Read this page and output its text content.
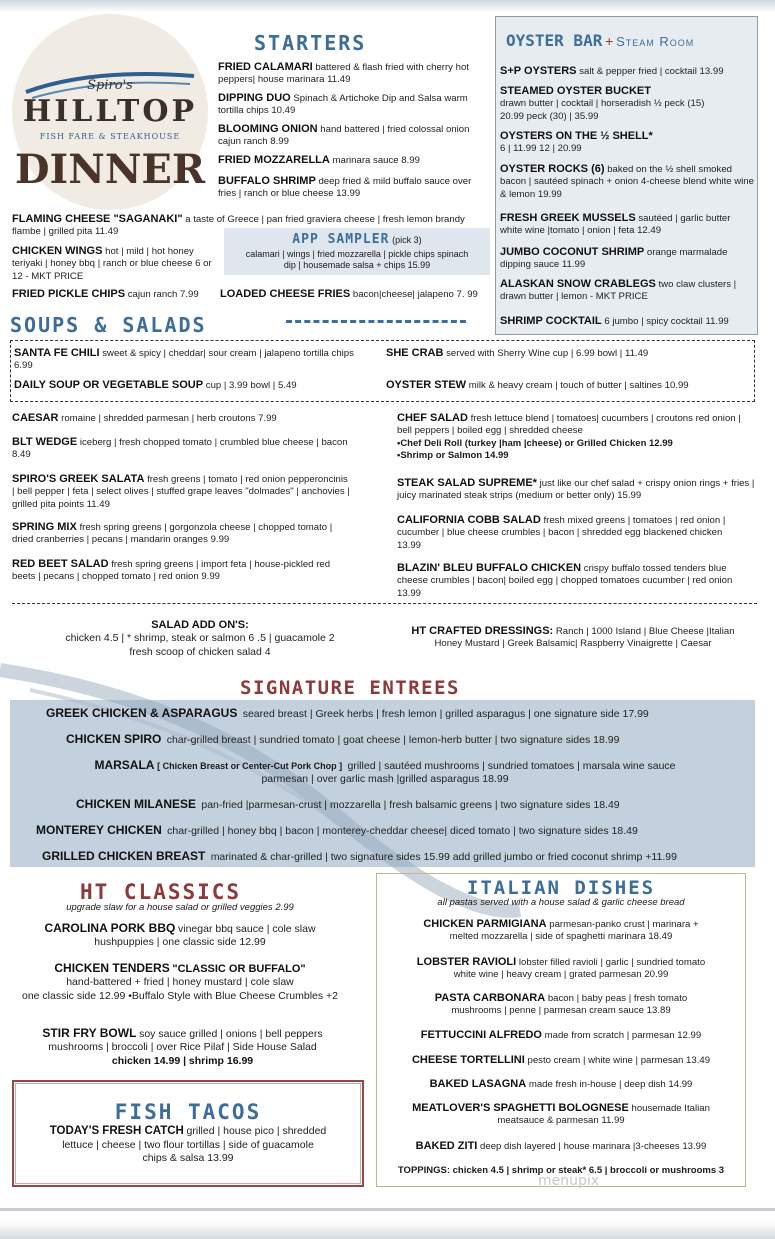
Spiro's
HILLTOP
FISH FARE & STEAKHOUSE
DINNER
STARTERS
FRIED CALAMARI battered & flash fried with cherry hot peppers| house marinara 11.49
DIPPING DUO Spinach & Artichoke Dip and Salsa warm tortilla chips 10.49
BLOOMING ONION hand battered | fried colossal onion cajun ranch 8.99
FRIED MOZZARELLA marinara sauce 8.99
BUFFALO SHRIMP deep fried & mild buffalo sauce over fries | ranch or blue cheese 13.99
FLAMING CHEESE "SAGANAKI" a taste of Greece | pan fried graviera cheese | fresh lemon brandy flambe | grilled pita 11.49
CHICKEN WINGS hot | mild | hot honey teriyaki | honey bbq | ranch or blue cheese 6 or 12 - MKT PRICE
FRIED PICKLE CHIPS cajun ranch 7.99	LOADED CHEESE FRIES bacon|cheese| jalapeno 7. 99
APP SAMPLER (pick 3)
calamari | wings | fried mozzarella | pickle chips spinach dip | housemade salsa + chips 15.99
OYSTER BAR + Steam Room
S+P OYSTERS salt & pepper fried | cocktail 13.99
STEAMED OYSTER BUCKET
drawn butter | cocktail | horseradish ½ peck (15) 20.99 peck (30) | 35.99
OYSTERS ON THE ½ SHELL*
6 | 11.99 12 | 20.99
OYSTER ROCKS (6) baked on the ½ shell smoked bacon | sautéed spinach + onion 4-cheese blend white wine & lemon 19.99
FRESH GREEK MUSSELS sautéed | garlic butter white wine |tomato | onion | feta 12.49
JUMBO COCONUT SHRIMP orange marmalade dipping sauce 11.99
ALASKAN SNOW CRABLEGS two claw clusters | drawn butter | lemon - MKT PRICE
SHRIMP COCKTAIL 6 jumbo | spicy cocktail 11.99
SOUPS & SALADS
SANTA FE CHILI sweet & spicy | cheddar| sour cream | jalapeno tortilla chips 6.99
DAILY SOUP OR VEGETABLE SOUP cup | 3.99 bowl | 5.49
SHE CRAB served with Sherry Wine cup | 6.99 bowl | 11.49
OYSTER STEW milk & heavy cream | touch of butter | saltines 10.99
CAESAR romaine | shredded parmesan | herb croutons 7.99
BLT WEDGE iceberg | fresh chopped tomato | crumbled blue cheese | bacon 8.49
SPIRO'S GREEK SALATA fresh greens | tomato | red onion pepperoncinis | bell pepper | feta | select olives | stuffed grape leaves "dolmades" | anchovies | grilled pita points 11.49
SPRING MIX fresh spring greens | gorgonzola cheese | chopped tomato | dried cranberries | pecans | mandarin oranges 9.99
RED BEET SALAD fresh spring greens | import feta | house-pickled red beets | pecans | chopped tomato | red onion 9.99
CHEF SALAD fresh lettuce blend | tomatoes| cucumbers | croutons red onion | bell peppers | boiled egg | shredded cheese
•Chef Deli Roll (turkey |ham |cheese) or Grilled Chicken 12.99
•Shrimp or Salmon 14.99
STEAK SALAD SUPREME* just like our chef salad + crispy onion rings + fries | juicy marinated steak strips (medium or better only) 15.99
CALIFORNIA COBB SALAD fresh mixed greens | tomatoes | red onion | cucumber | blue cheese crumbles | bacon | shredded egg blackened chicken 13.99
BLAZIN' BLEU BUFFALO CHICKEN crispy buffalo tossed tenders blue cheese crumbles | bacon| boiled egg | chopped tomatoes cucumber | red onion 13.99
SALAD ADD ON'S:
chicken 4.5 | * shrimp, steak or salmon 6 .5 | guacamole 2
fresh scoop of chicken salad 4
HT CRAFTED DRESSINGS: Ranch | 1000 Island | Blue Cheese |Italian
Honey Mustard | Greek Balsamic| Raspberry Vinaigrette | Caesar
SIGNATURE ENTREES
GREEK CHICKEN & ASPARAGUS seared breast | Greek herbs | fresh lemon | grilled asparagus | one signature side 17.99
CHICKEN SPIRO char-grilled breast | sundried tomato | goat cheese | lemon-herb butter | two signature sides 18.99
MARSALA [ Chicken Breast or Center-Cut Pork Chop ] grilled | sautéed mushrooms | sundried tomatoes | marsala wine sauce
parmesan | over garlic mash |grilled asparagus 18.99
CHICKEN MILANESE pan-fried |parmesan-crust | mozzarella | fresh balsamic greens | two signature sides 18.49
MONTEREY CHICKEN char-grilled | honey bbq | bacon | monterey-cheddar cheese| diced tomato | two signature sides 18.49
GRILLED CHICKEN BREAST marinated & char-grilled | two signature sides 15.99 add grilled jumbo or fried coconut shrimp +11.99
HT CLASSICS
upgrade slaw for a house salad or grilled veggies 2.99
CAROLINA PORK BBQ vinegar bbq sauce | cole slaw
hushpuppies | one classic side 12.99
CHICKEN TENDERS "CLASSIC OR BUFFALO"
hand-battered + fried | honey mustard | cole slaw
one classic side 12.99 •Buffalo Style with Blue Cheese Crumbles +2
STIR FRY BOWL soy sauce grilled | onions | bell peppers
mushrooms | broccoli | over Rice Pilaf | Side House Salad
chicken 14.99 | shrimp 16.99
FISH TACOS
TODAY'S FRESH CATCH grilled | house pico | shredded
lettuce | cheese | two flour tortillas | side of guacamole
chips & salsa 13.99
ITALIAN DISHES
all pastas served with a house salad & garlic cheese bread
CHICKEN PARMIGIANA parmesan-panko crust | marinara +
melted mozzarella | side of spaghetti marinara 18.49
LOBSTER RAVIOLI lobster filled ravioli | garlic | sundried tomato
white wine | heavy cream | grated parmesan 20.99
PASTA CARBONARA bacon | baby peas | fresh tomato
mushrooms | penne | parmesan cream sauce 13.89
FETTUCCINI ALFREDO made from scratch | parmesan 12.99
CHEESE TORTELLINI pesto cream | white wine | parmesan 13.49
BAKED LASAGNA made fresh in-house | deep dish 14.99
MEATLOVER'S SPAGHETTI BOLOGNESE housemade Italian
meatsauce & parmesan 11.99
BAKED ZITI deep dish layered | house marinara |3-cheeses 13.99
TOPPINGS: chicken 4.5 | shrimp or steak* 6.5 | broccoli or mushrooms 3
menupix
